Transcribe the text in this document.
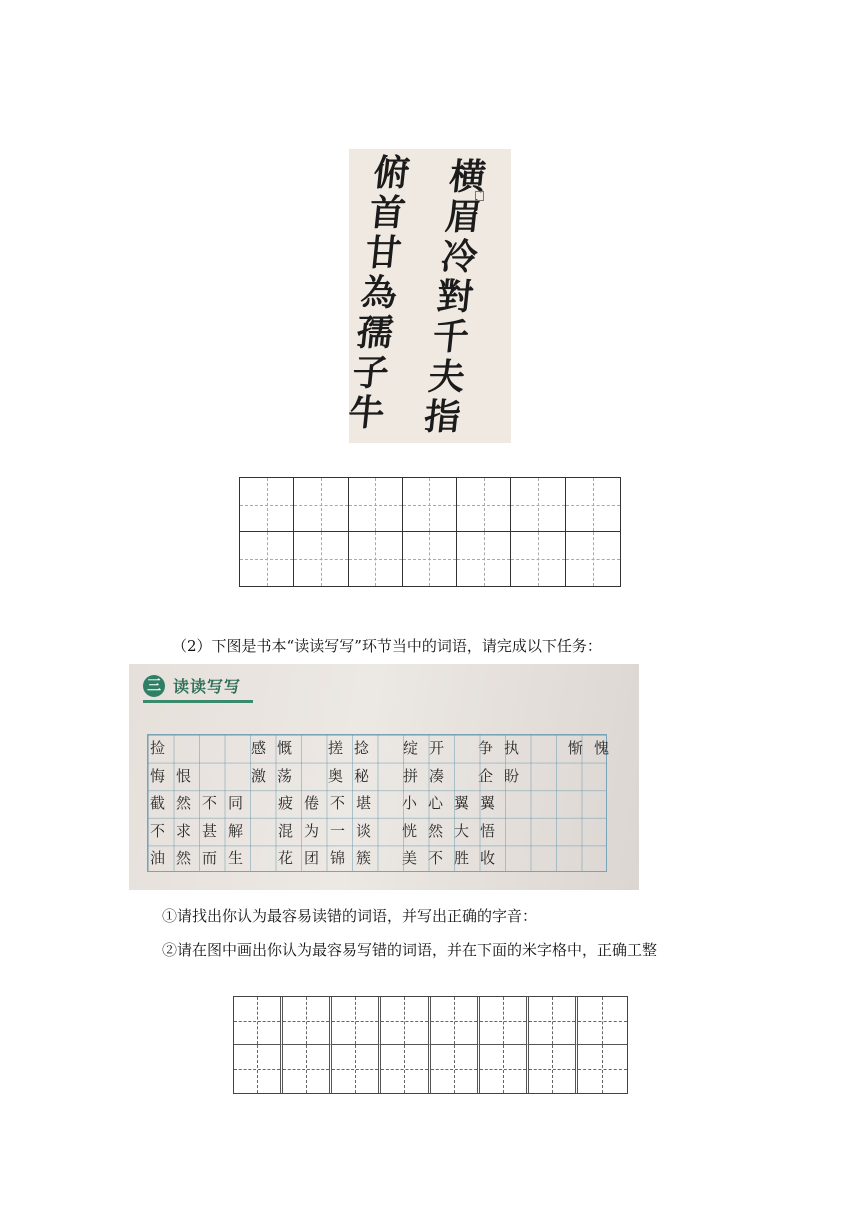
横
眉
冷
對
千
夫
指
俯
首
甘
為
孺
子
牛
（2）下图是书本“读读写写”环节当中的词语，请完成以下任务：
三 读读写写
捡	感慨 搓捻 绽开 争执	惭愧
悔恨	激荡 奥秘 拼凑 企盼
截然不同 疲倦不堪 小心翼翼
不求甚解 混为一谈 恍然大悟
油然而生 花团锦簇 美不胜收
①请找出你认为最容易读错的词语，并写出正确的字音：
②请在图中画出你认为最容易写错的词语，并在下面的米字格中，正确工整
